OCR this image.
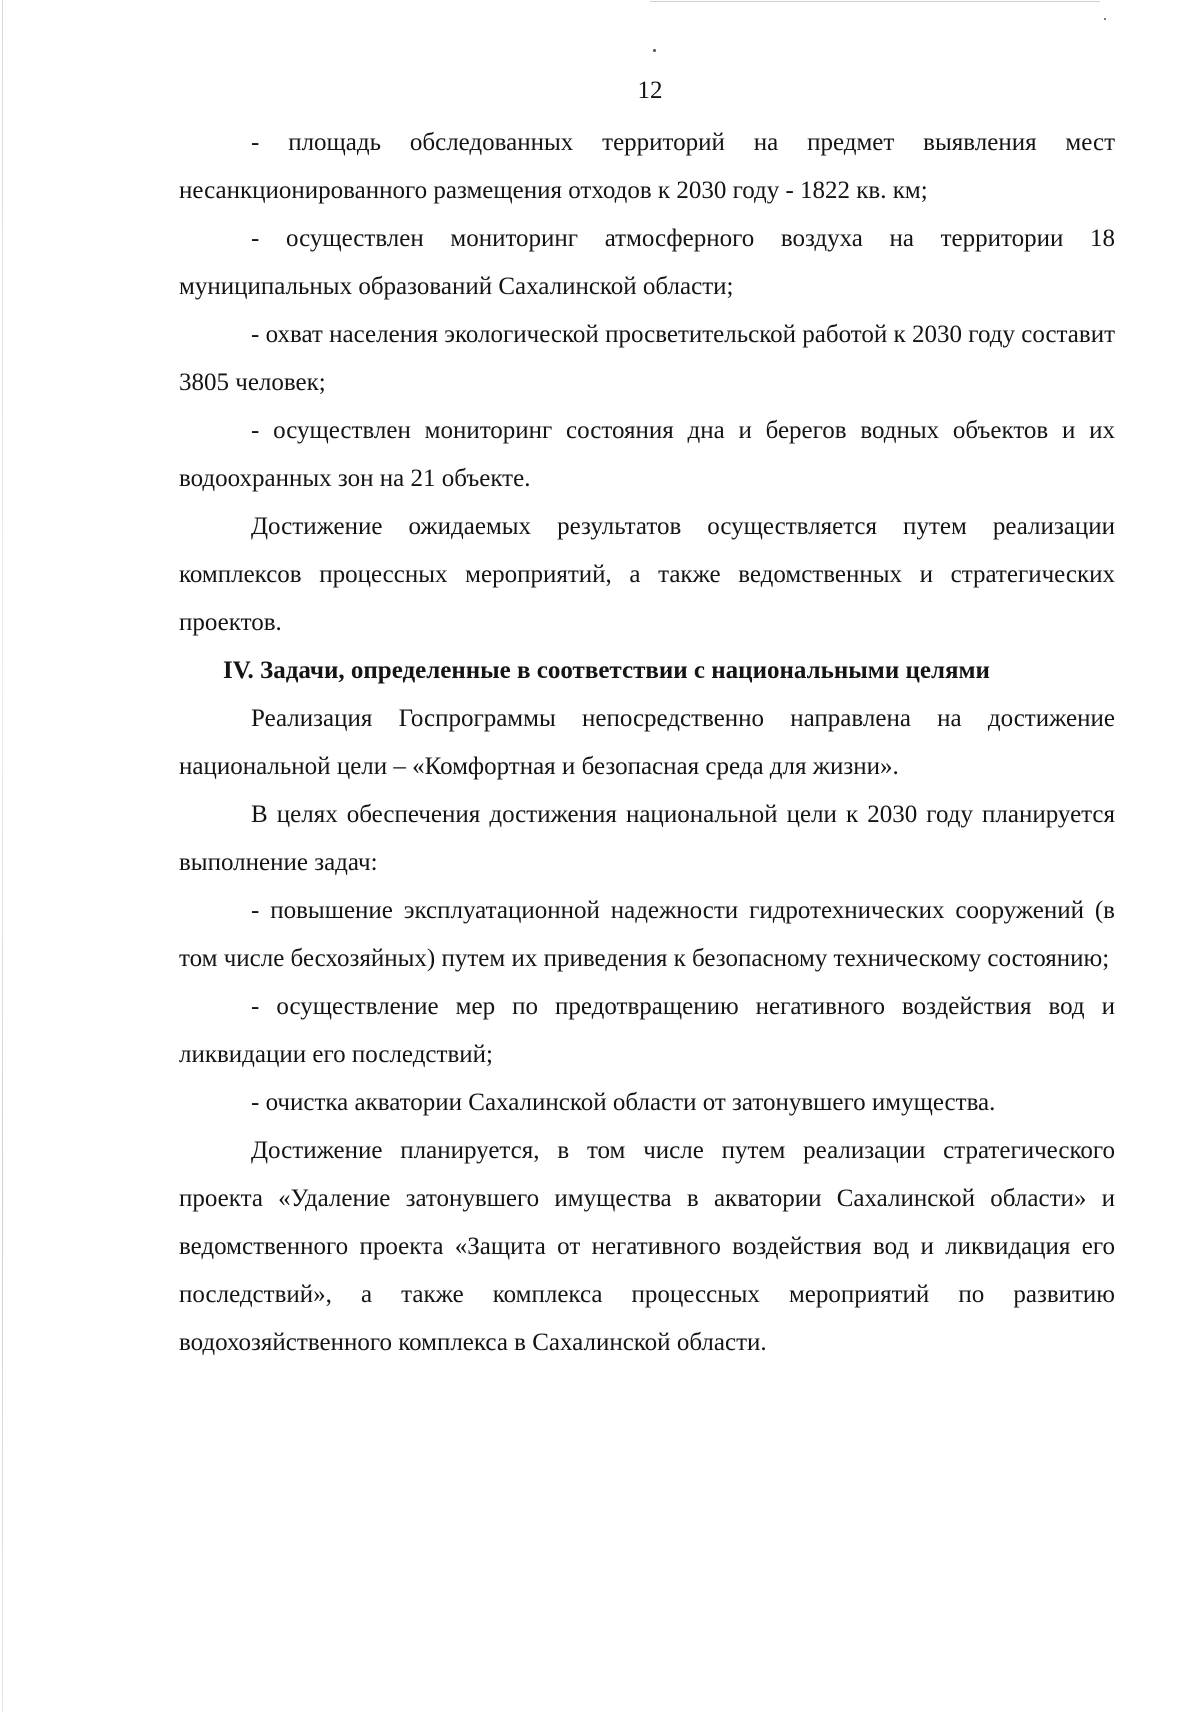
12

- площадь обследованных территорий на предмет выявления мест несанкционированного размещения отходов к 2030 году - 1822 кв. км;

- осуществлен мониторинг атмосферного воздуха на территории 18 муниципальных образований Сахалинской области;

- охват населения экологической просветительской работой к 2030 году составит 3805 человек;

- осуществлен мониторинг состояния дна и берегов водных объектов и их водоохранных зон на 21 объекте.

Достижение ожидаемых результатов осуществляется путем реализации комплексов процессных мероприятий, а также ведомственных и стратегических проектов.

IV. Задачи, определенные в соответствии с национальными целями

Реализация Госпрограммы непосредственно направлена на достижение национальной цели – «Комфортная и безопасная среда для жизни».

В целях обеспечения достижения национальной цели к 2030 году планируется выполнение задач:

- повышение эксплуатационной надежности гидротехнических сооружений (в том числе бесхозяйных) путем их приведения к безопасному техническому состоянию;

- осуществление мер по предотвращению негативного воздействия вод и ликвидации его последствий;

- очистка акватории Сахалинской области от затонувшего имущества.

Достижение планируется, в том числе путем реализации стратегического проекта «Удаление затонувшего имущества в акватории Сахалинской области» и ведомственного проекта «Защита от негативного воздействия вод и ликвидация его последствий», а также комплекса процессных мероприятий по развитию водохозяйственного комплекса в Сахалинской области.
